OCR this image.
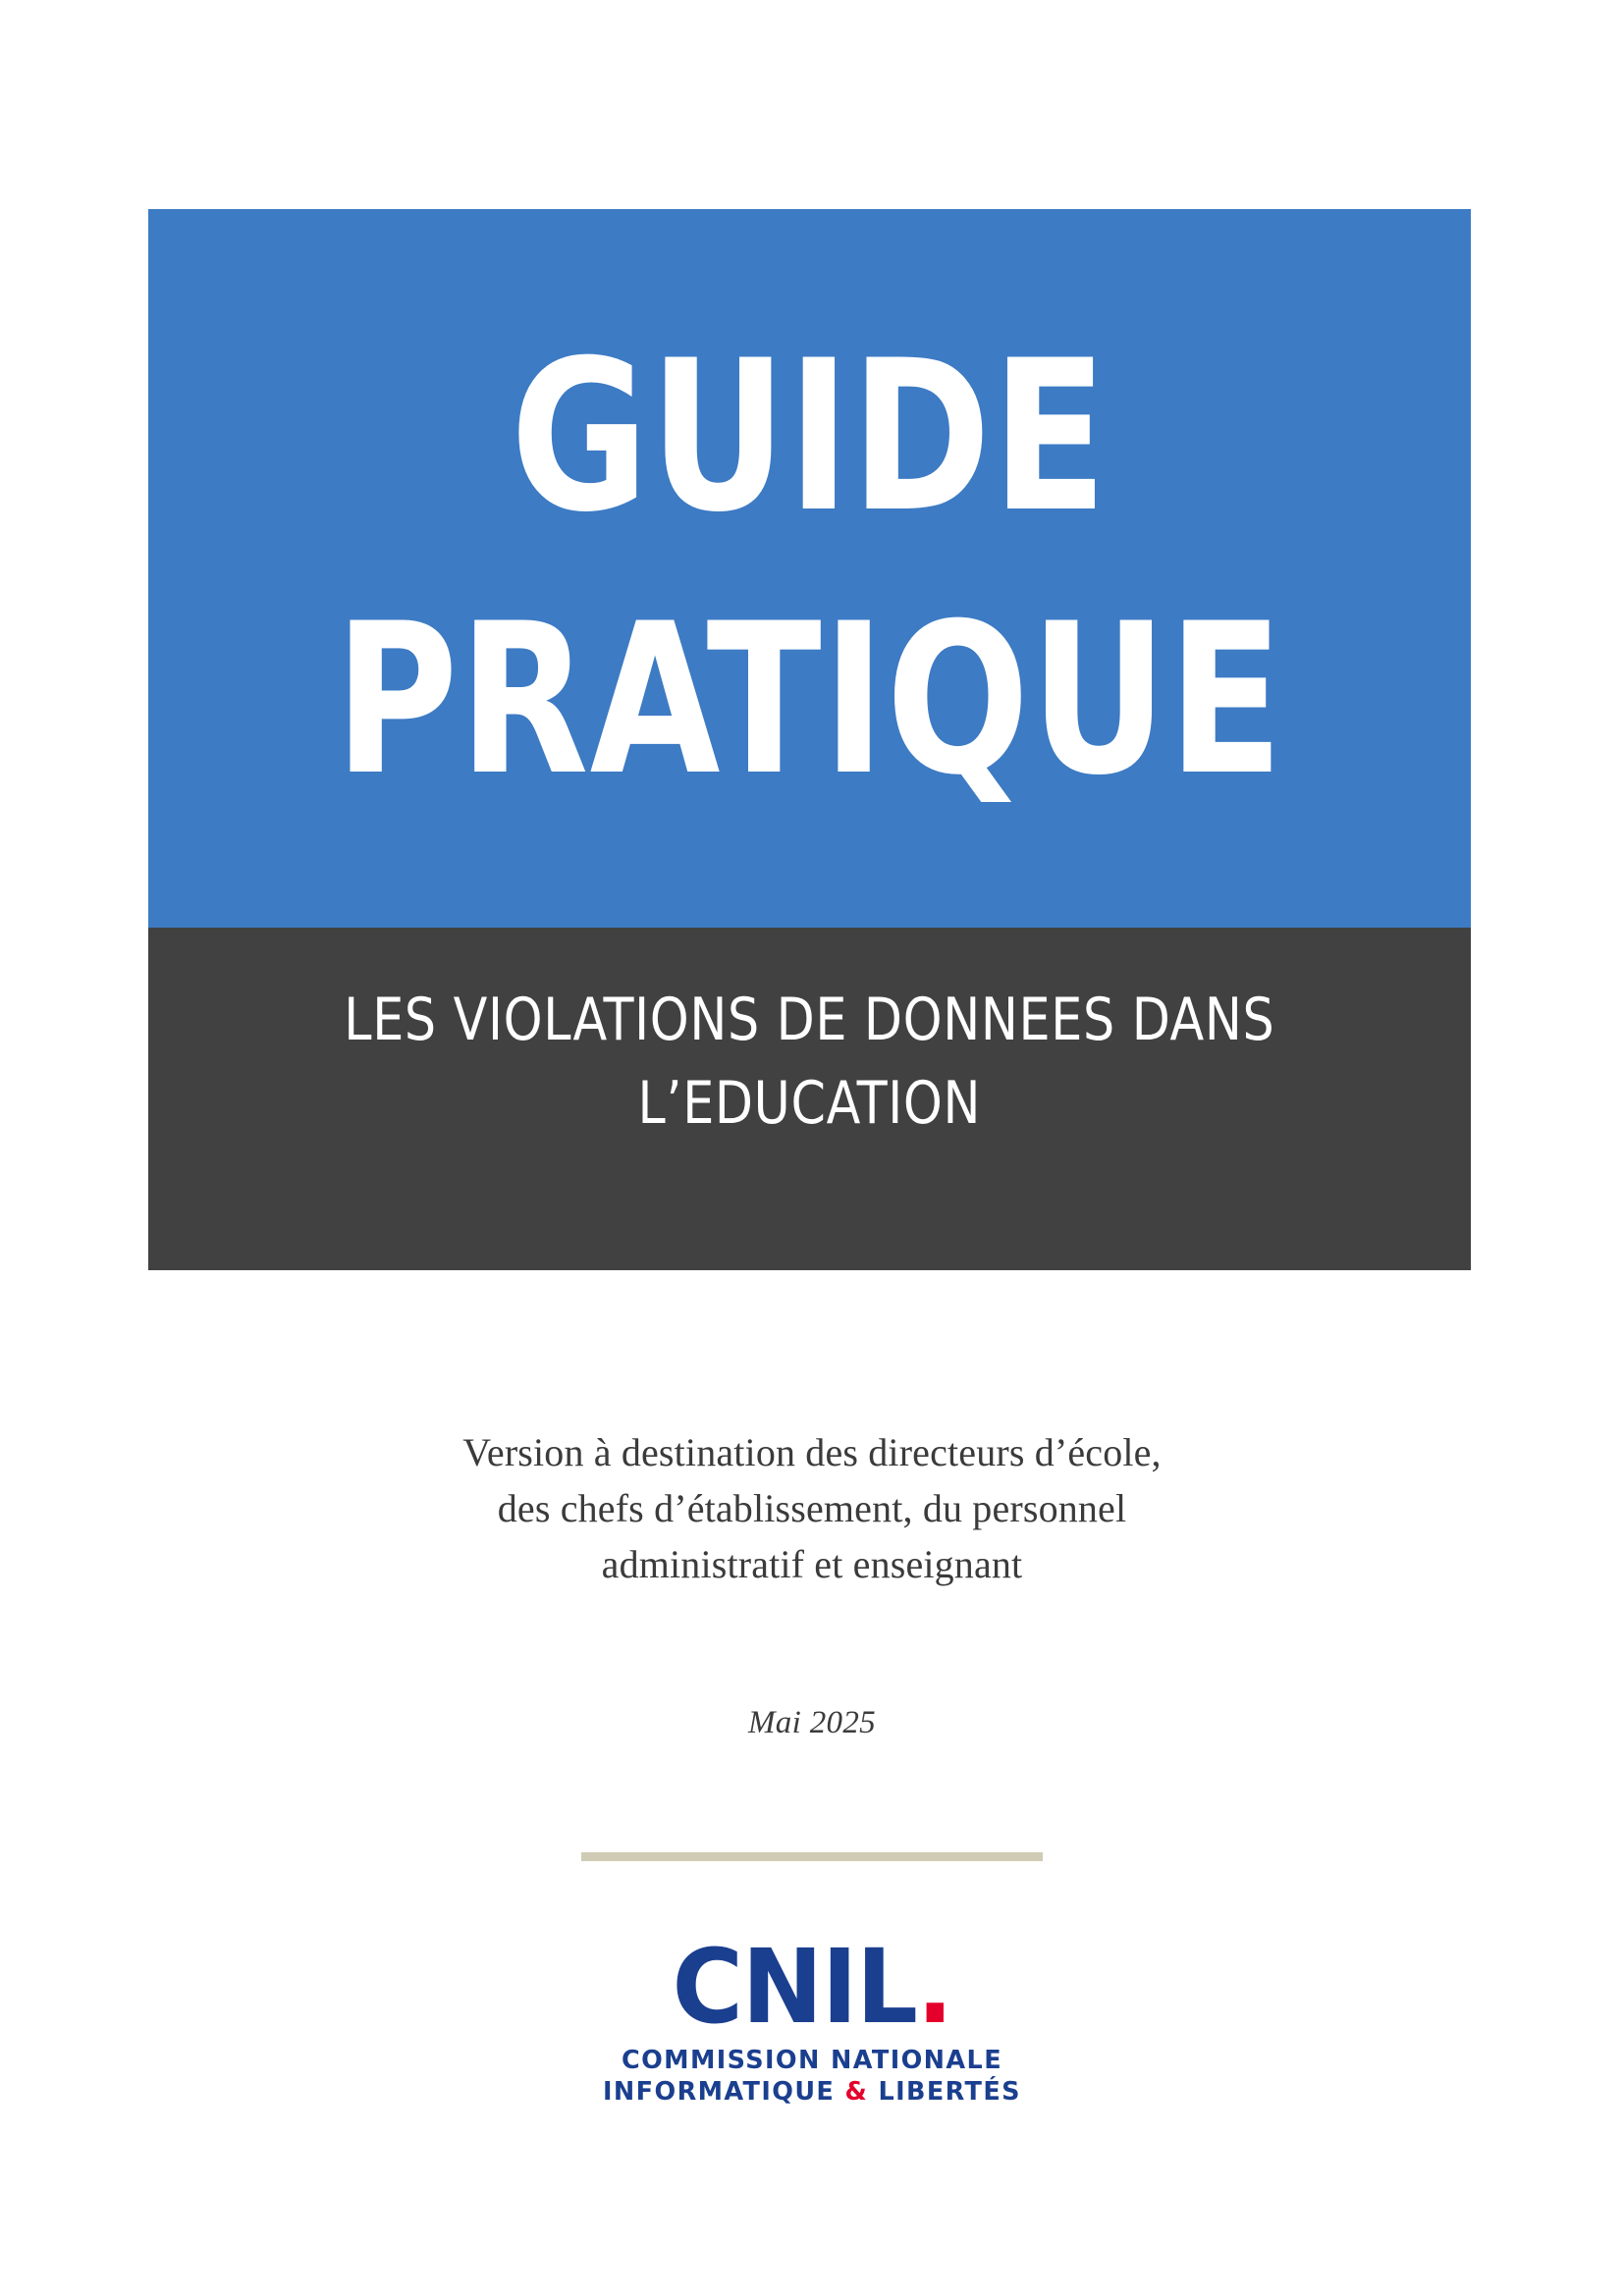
GUIDE
PRATIQUE
LES VIOLATIONS DE DONNEES DANS
L’EDUCATION
Version à destination des directeurs d’école,
des chefs d’établissement, du personnel
administratif et enseignant
Mai 2025
CNIL.
COMMISSION NATIONALE
INFORMATIQUE & LIBERTÉS
